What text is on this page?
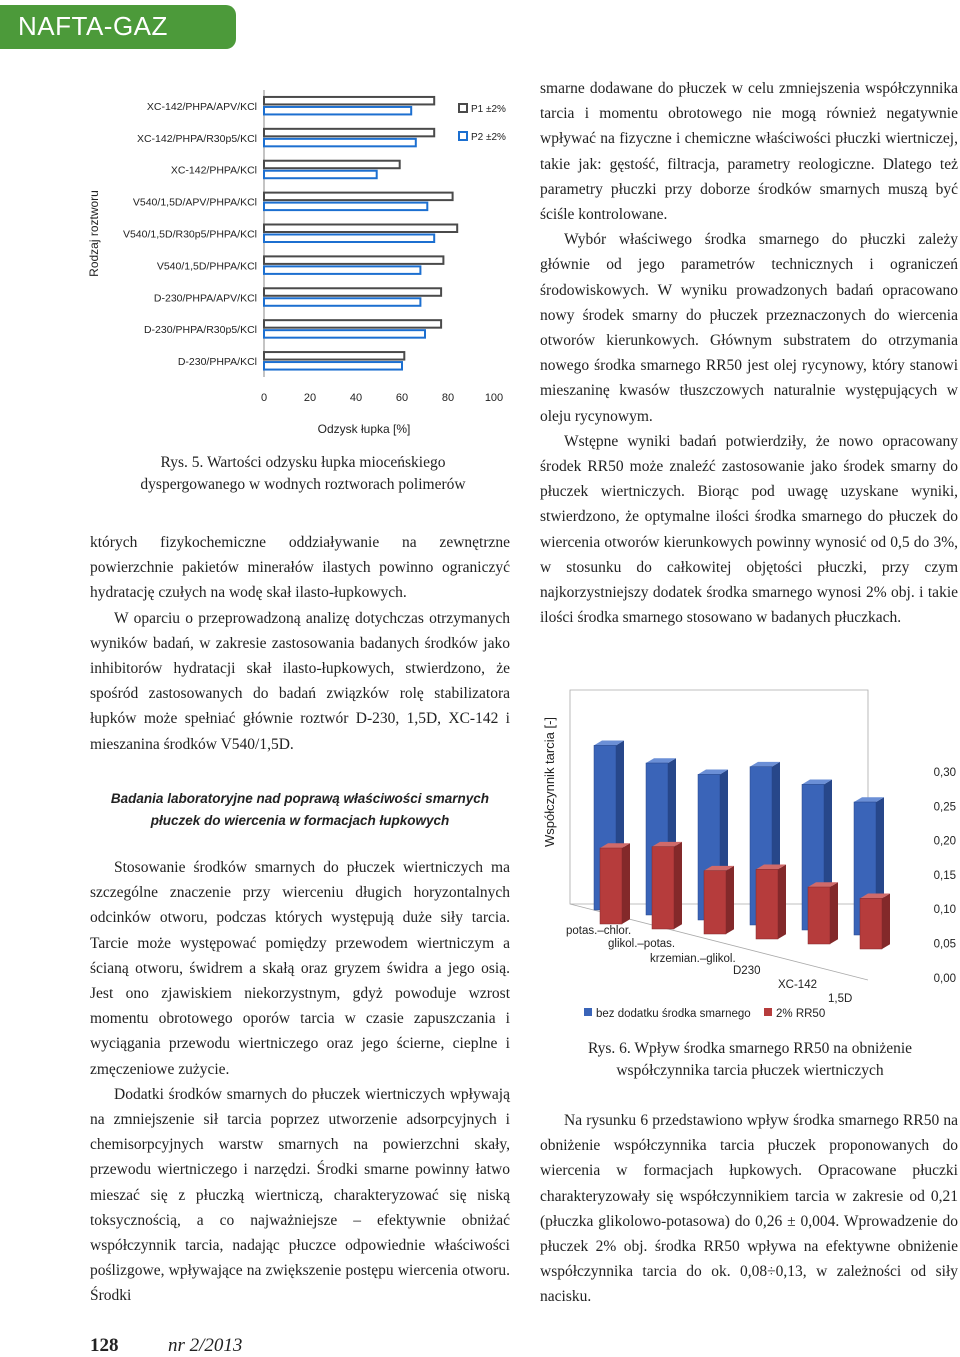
NAFTA-GAZ
Rodzaj roztworu
XC-142/PHPA/APV/KCl
XC-142/PHPA/R30p5/KCl
XC-142/PHPA/KCl
V540/1,5D/APV/PHPA/KCl
V540/1,5D/R30p5/PHPA/KCl
V540/1,5D/PHPA/KCl
D-230/PHPA/APV/KCl
D-230/PHPA/R30p5/KCl
D-230/PHPA/KCl
0	20	40	60	80	100
Odzysk łupka [%]
P1 ±2%
P2 ±2%
Rys. 5. Wartości odzysku łupka mioceńskiego dyspergowanego w wodnych roztworach polimerów

których fizykochemiczne oddziaływanie na zewnętrzne powierzchnie pakietów minerałów ilastych powinno ograniczyć hydratację czułych na wodę skał ilasto-łupkowych.

W oparciu o przeprowadzoną analizę dotychczas otrzymanych wyników badań, w zakresie zastosowania badanych środków jako inhibitorów hydratacji skał ilasto-łupkowych, stwierdzono, że spośród zastosowanych do badań związków rolę stabilizatora łupków może spełniać głównie roztwór D-230, 1,5D, XC-142 i mieszanina środków V540/1,5D.

Badania laboratoryjne nad poprawą właściwości smarnych płuczek do wiercenia w formacjach łupkowych

Stosowanie środków smarnych do płuczek wiertniczych ma szczególne znaczenie przy wierceniu długich horyzontalnych odcinków otworu, podczas których występują duże siły tarcia. Tarcie może występować pomiędzy przewodem wiertniczym a ścianą otworu, świdrem a skałą oraz gryzem świdra a jego osią. Jest ono zjawiskiem niekorzystnym, gdyż powoduje wzrost momentu obrotowego oporów tarcia w czasie zapuszczania i wyciągania przewodu wiertniczego oraz jego ścierne, cieplne i zmęczeniowe zużycie.

Dodatki środków smarnych do płuczek wiertniczych wpływają na zmniejszenie sił tarcia poprzez utworzenie adsorpcyjnych i chemisorpcyjnych warstw smarnych na powierzchni skały, przewodu wiertniczego i narzędzi. Środki smarne powinny łatwo mieszać się z płuczką wiertniczą, charakteryzować się niską toksycznością, a co najważniejsze – efektywnie obniżać współczynnik tarcia, nadając płuczce odpowiednie właściwości poślizgowe, wpływające na zwiększenie postępu wiercenia otworu. Środki

smarne dodawane do płuczek w celu zmniejszenia współczynnika tarcia i momentu obrotowego nie mogą również negatywnie wpływać na fizyczne i chemiczne właściwości płuczki wiertniczej, takie jak: gęstość, filtracja, parametry reologiczne. Dlatego też parametry płuczki przy doborze środków smarnych muszą być ściśle kontrolowane.

Wybór właściwego środka smarnego do płuczki zależy głównie od jego parametrów technicznych i ograniczeń środowiskowych. W wyniku prowadzonych badań opracowano nowy środek smarny do płuczek przeznaczonych do wiercenia otworów kierunkowych. Głównym substratem do otrzymania nowego środka smarnego RR50 jest olej rycynowy, który stanowi mieszaninę kwasów tłuszczowych naturalnie występujących w oleju rycynowym.

Wstępne wyniki badań potwierdziły, że nowo opracowany środek RR50 może znaleźć zastosowanie jako środek smarny do płuczek wiertniczych. Biorąc pod uwagę uzyskane wyniki, stwierdzono, że optymalne ilości środka smarnego do płuczek do wiercenia otworów kierunkowych powinny wynosić od 0,5 do 3%, w stosunku do całkowitej objętości płuczki, przy czym najkorzystniejszy dodatek środka smarnego wynosi 2% obj. i takie ilości środka smarnego stosowano w badanych płuczkach.

Współczynnik tarcia [-]	0,30
0,25
0,20
0,15
0,10
0,05
0,00
potas.–chlor.
glikol.–potas.
krzemian.–glikol.
D230
XC-142
1,5D
bez dodatku środka smarnego 2% RR50
Rys. 6. Wpływ środka smarnego RR50 na obniżenie współczynnika tarcia płuczek wiertniczych

Na rysunku 6 przedstawiono wpływ środka smarnego RR50 na obniżenie współczynnika tarcia płuczek proponowanych do wiercenia w formacjach łupkowych. Opracowane płuczki charakteryzowały się współczynnikiem tarcia w zakresie od 0,21 (płuczka glikolowo-potasowa) do 0,26 ± 0,004. Wprowadzenie do płuczek 2% obj. środka RR50 wpływa na efektywne obniżenie współczynnika tarcia do ok. 0,08÷0,13, w zależności od siły nacisku.

128	nr 2/2013
